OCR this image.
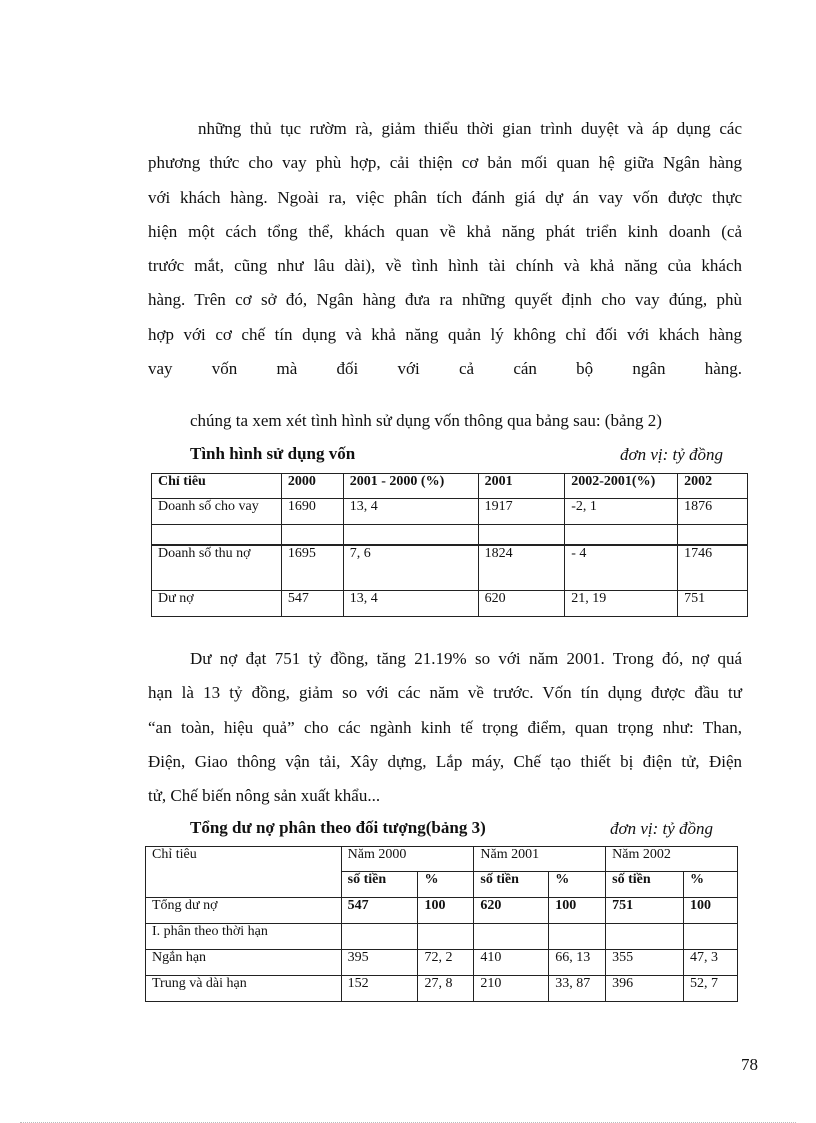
những thủ tục rườm rà, giảm thiểu thời gian trình duyệt và áp dụng các
phương thức cho vay phù hợp, cải thiện cơ bản mối quan hệ giữa Ngân hàng
với khách hàng. Ngoài ra, việc phân tích đánh giá dự án vay vốn được thực
hiện một cách tổng thể, khách quan về khả năng phát triển kinh doanh (cả
trước mắt, cũng như lâu dài), về tình hình tài chính và khả năng của khách
hàng. Trên cơ sở đó, Ngân hàng đưa ra những quyết định cho vay đúng, phù
hợp với cơ chế tín dụng và khả năng quản lý không chỉ đối với khách hàng
vay vốn mà đối với cả cán bộ ngân hàng.
chúng ta xem xét tình hình sử dụng vốn thông qua bảng sau: (bảng 2)
Tình hình sử dụng vốn	đơn vị: tỷ đồng
Chỉ tiêu	2000	2001 - 2000 (%)	2001	2002-2001(%)	2002
Doanh số cho vay	1690	13, 4	1917	-2, 1	1876

Doanh số thu nợ	1695	7, 6	1824	- 4	1746
Dư nợ	547	13, 4	620	21, 19	751
Dư nợ đạt 751 tỷ đồng, tăng 21.19% so với năm 2001. Trong đó, nợ quá
hạn là 13 tỷ đồng, giảm so với các năm về trước. Vốn tín dụng được đầu tư
“an toàn, hiệu quả” cho các ngành kinh tế trọng điểm, quan trọng như: Than,
Điện, Giao thông vận tải, Xây dựng, Lắp máy, Chế tạo thiết bị điện tử, Điện
tử, Chế biến nông sản xuất khẩu...
Tổng dư nợ phân theo đối tượng(bảng 3)	đơn vị: tỷ đồng
Chỉ tiêu	Năm 2000		Năm 2001		Năm 2002	
	số tiền	%	số tiền	%	số tiền	%
Tổng dư nợ	547	100	620	100	751	100
I. phân theo thời hạn						
Ngắn hạn	395	72, 2	410	66, 13	355	47, 3
Trung và dài hạn	152	27, 8	210	33, 87	396	52, 7
78
